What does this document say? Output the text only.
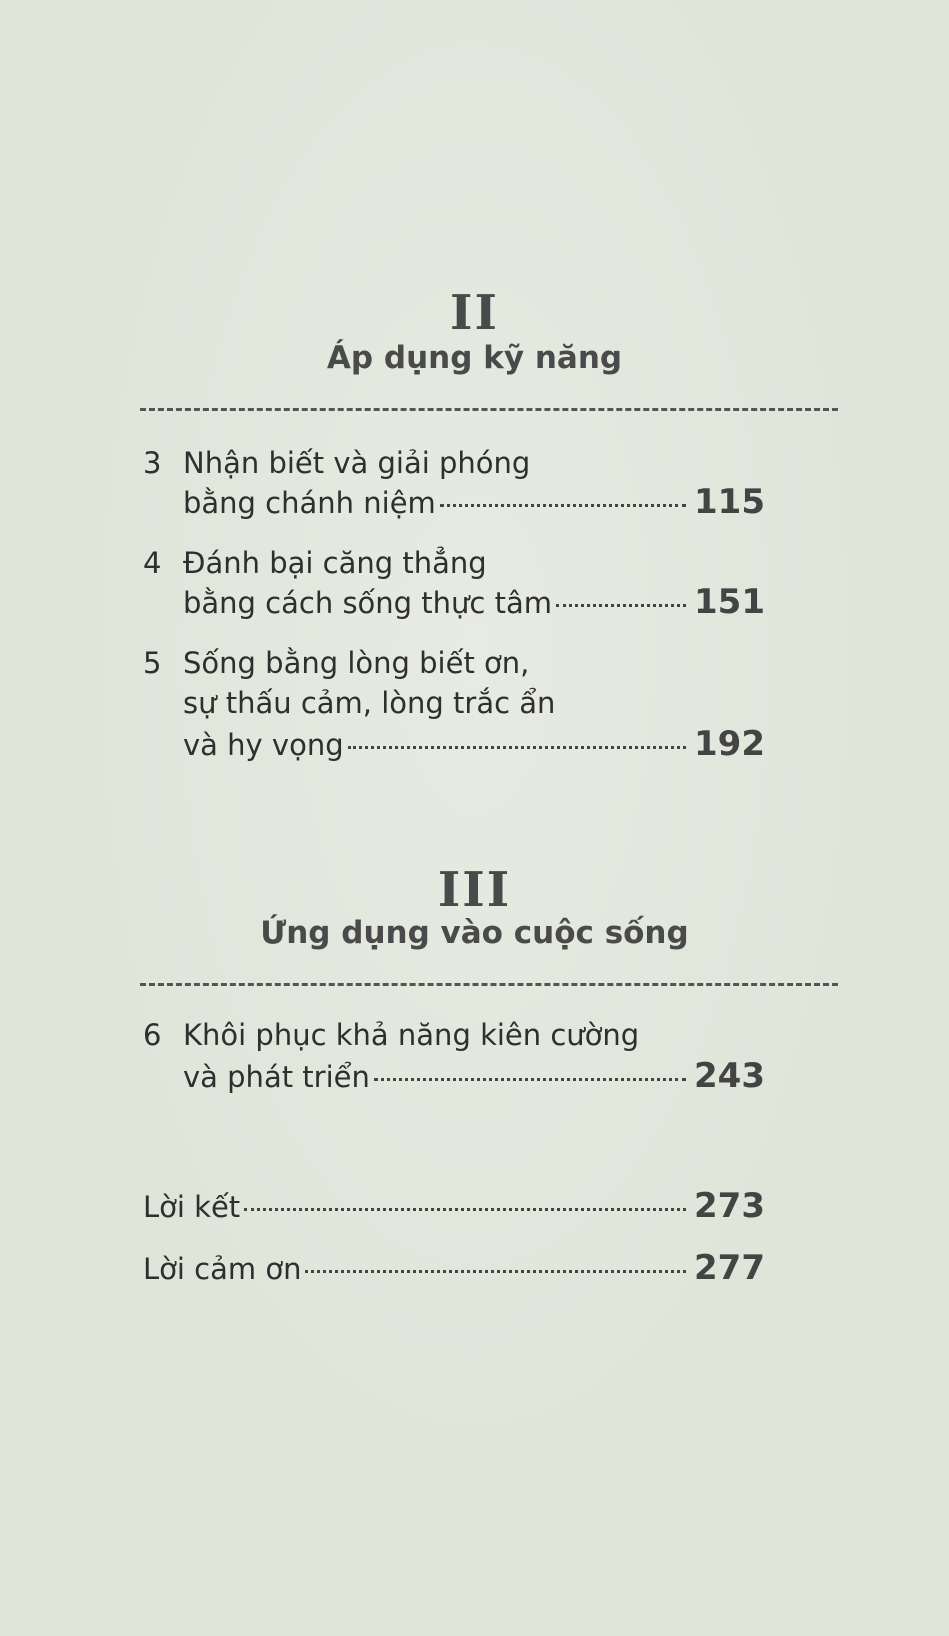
II
Áp dụng kỹ năng
3 Nhận biết và giải phóng
bằng chánh niệm	115
4 Đánh bại căng thẳng
bằng cách sống thực tâm	151
5 Sống bằng lòng biết ơn,
sự thấu cảm, lòng trắc ẩn
và hy vọng	192
III
Ứng dụng vào cuộc sống
6 Khôi phục khả năng kiên cường
và phát triển	243
Lời kết	273
Lời cảm ơn	277
